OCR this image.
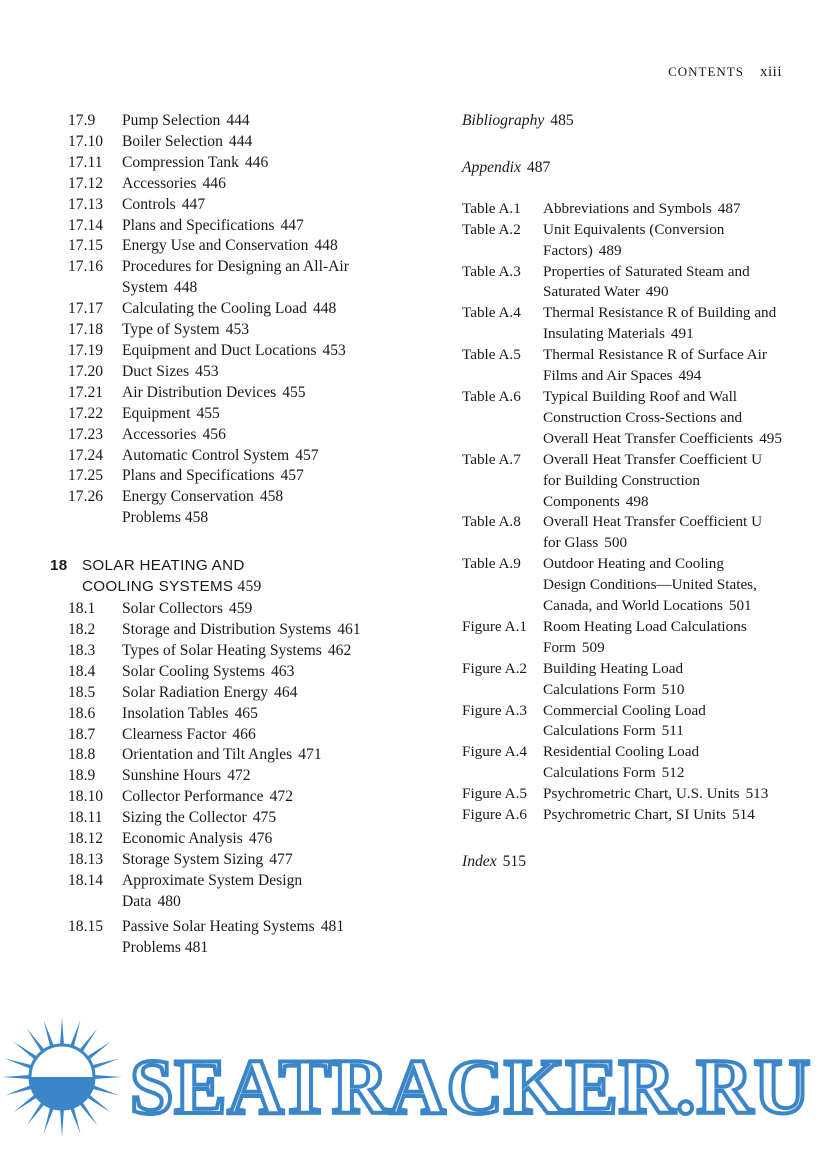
CONTENTS xiii
17.9	Pump Selection 444
17.10	Boiler Selection 444
17.11	Compression Tank 446
17.12	Accessories 446
17.13	Controls 447
17.14	Plans and Specifications 447
17.15	Energy Use and Conservation 448
17.16	Procedures for Designing an All-Air System 448
17.17	Calculating the Cooling Load 448
17.18	Type of System 453
17.19	Equipment and Duct Locations 453
17.20	Duct Sizes 453
17.21	Air Distribution Devices 455
17.22	Equipment 455
17.23	Accessories 456
17.24	Automatic Control System 457
17.25	Plans and Specifications 457
17.26	Energy Conservation 458
Problems 458
18 SOLAR HEATING AND
COOLING SYSTEMS 459
18.1	Solar Collectors 459
18.2	Storage and Distribution Systems 461
18.3	Types of Solar Heating Systems 462
18.4	Solar Cooling Systems 463
18.5	Solar Radiation Energy 464
18.6	Insolation Tables 465
18.7	Clearness Factor 466
18.8	Orientation and Tilt Angles 471
18.9	Sunshine Hours 472
18.10	Collector Performance 472
18.11	Sizing the Collector 475
18.12	Economic Analysis 476
18.13	Storage System Sizing 477
18.14	Approximate System Design Data 480
18.15	Passive Solar Heating Systems 481
Problems 481
Bibliography 485
Appendix 487
Table A.1	Abbreviations and Symbols 487
Table A.2	Unit Equivalents (Conversion Factors) 489
Table A.3	Properties of Saturated Steam and Saturated Water 490
Table A.4	Thermal Resistance R of Building and Insulating Materials 491
Table A.5	Thermal Resistance R of Surface Air Films and Air Spaces 494
Table A.6	Typical Building Roof and Wall Construction Cross-Sections and Overall Heat Transfer Coefficients 495
Table A.7	Overall Heat Transfer Coefficient U for Building Construction Components 498
Table A.8	Overall Heat Transfer Coefficient U for Glass 500
Table A.9	Outdoor Heating and Cooling Design Conditions—United States, Canada, and World Locations 501
Figure A.1	Room Heating Load Calculations Form 509
Figure A.2	Building Heating Load Calculations Form 510
Figure A.3	Commercial Cooling Load Calculations Form 511
Figure A.4	Residential Cooling Load Calculations Form 512
Figure A.5	Psychrometric Chart, U.S. Units 513
Figure A.6	Psychrometric Chart, SI Units 514
Index 515
SEATRACKER.RU
